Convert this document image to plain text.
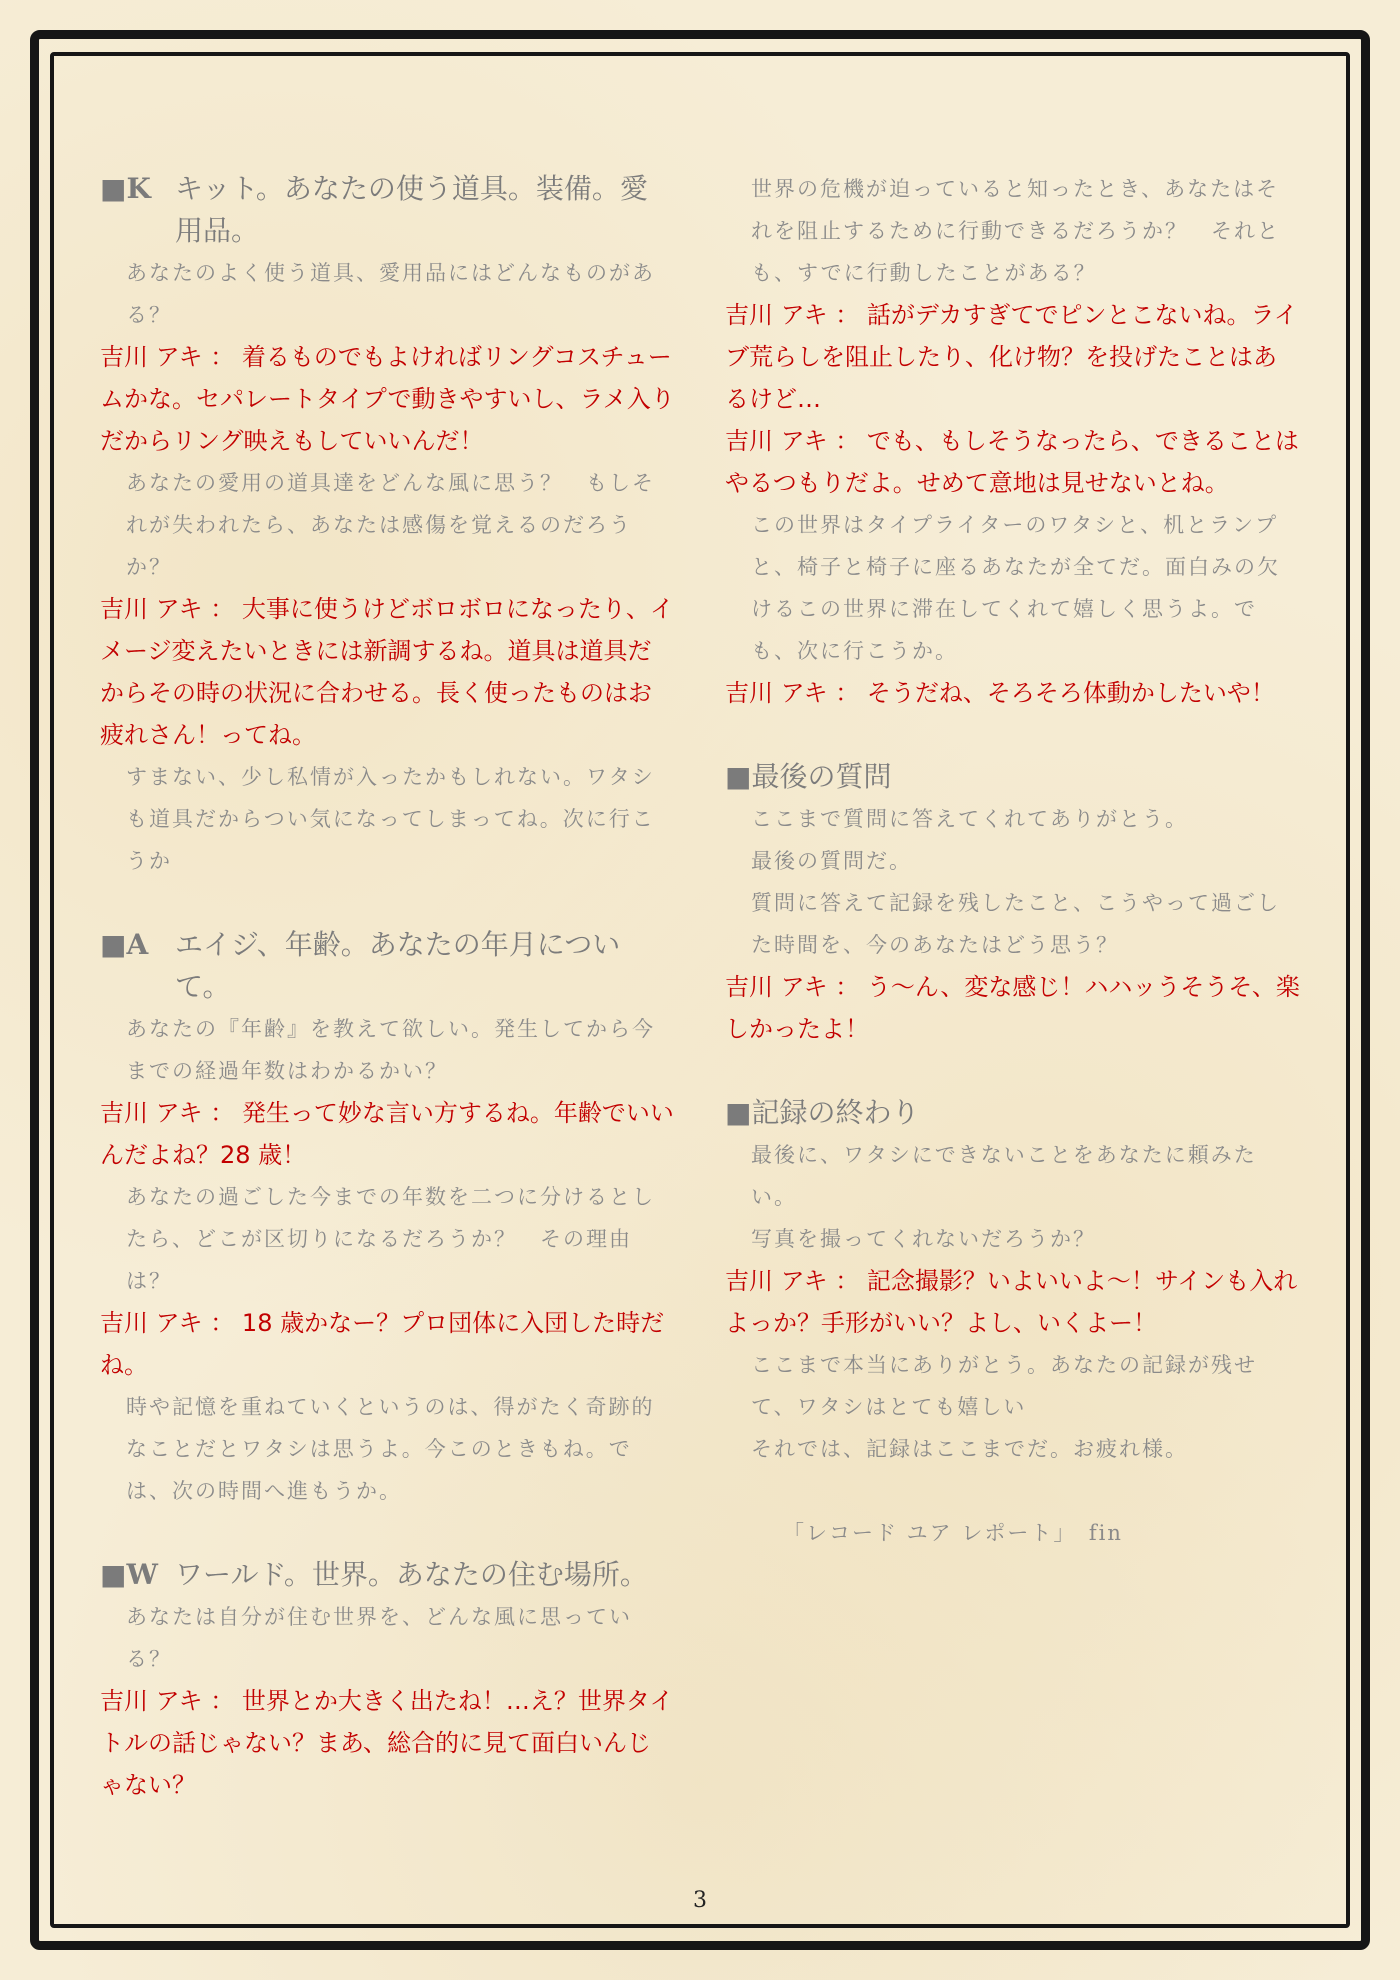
■K キット。あなたの使う道具。装備。愛用品。

あなたのよく使う道具、愛用品にはどんなものがある？

吉川 アキ ： 着るものでもよければリングコスチュームかな。セパレートタイプで動きやすいし、ラメ入りだからリング映えもしていいんだ！

あなたの愛用の道具達をどんな風に思う？　もしそれが失われたら、あなたは感傷を覚えるのだろうか？

吉川 アキ ： 大事に使うけどボロボロになったり、イメージ変えたいときには新調するね。道具は道具だからその時の状況に合わせる。長く使ったものはお疲れさん！ってね。

すまない、少し私情が入ったかもしれない。ワタシも道具だからつい気になってしまってね。次に行こうか

■A エイジ、年齢。あなたの年月について。

あなたの『年齢』を教えて欲しい。発生してから今までの経過年数はわかるかい？

吉川 アキ ： 発生って妙な言い方するね。年齢でいいんだよね？28 歳！

あなたの過ごした今までの年数を二つに分けるとしたら、どこが区切りになるだろうか？　その理由は？

吉川 アキ ： 18 歳かなー？プロ団体に入団した時だね。

時や記憶を重ねていくというのは、得がたく奇跡的なことだとワタシは思うよ。今このときもね。では、次の時間へ進もうか。

■W ワールド。世界。あなたの住む場所。

あなたは自分が住む世界を、どんな風に思っている？

吉川 アキ ： 世界とか大きく出たね！…え？世界タイトルの話じゃない？まあ、総合的に見て面白いんじゃない？

世界の危機が迫っていると知ったとき、あなたはそれを阻止するために行動できるだろうか？　それとも、すでに行動したことがある？

吉川 アキ ： 話がデカすぎてでピンとこないね。ライブ荒らしを阻止したり、化け物？を投げたことはあるけど…

吉川 アキ ： でも、もしそうなったら、できることはやるつもりだよ。せめて意地は見せないとね。

この世界はタイプライターのワタシと、机とランプと、椅子と椅子に座るあなたが全てだ。面白みの欠けるこの世界に滞在してくれて嬉しく思うよ。でも、次に行こうか。

吉川 アキ ： そうだね、そろそろ体動かしたいや！

■最後の質問

ここまで質問に答えてくれてありがとう。

最後の質問だ。

質問に答えて記録を残したこと、こうやって過ごした時間を、今のあなたはどう思う？

吉川 アキ ： う～ん、変な感じ！ハハッうそうそ、楽しかったよ！

■記録の終わり

最後に、ワタシにできないことをあなたに頼みたい。

写真を撮ってくれないだろうか？

吉川 アキ ： 記念撮影？いよいいよ～！サインも入れよっか？手形がいい？よし、いくよー！

ここまで本当にありがとう。あなたの記録が残せて、ワタシはとても嬉しい

それでは、記録はここまでだ。お疲れ様。

「レコード ユア レポート」　fin

3
